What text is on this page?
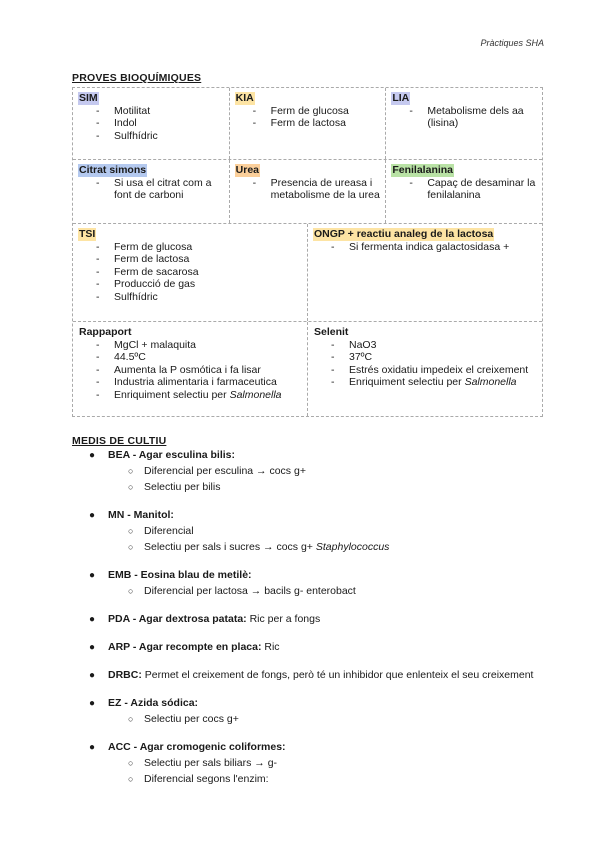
Pràctiques SHA
PROVES BIOQUÍMIQUES
SIM
- Motilitat
- Indol
- Sulfhídric
KIA
- Ferm de glucosa
- Ferm de lactosa
LIA
- Metabolisme dels aa (lisina)
Citrat simons
- Si usa el citrat com a font de carboni
Urea
- Presencia de ureasa i metabolisme de la urea
Fenilalanina
- Capaç de desaminar la fenilalanina
TSI
- Ferm de glucosa
- Ferm de lactosa
- Ferm de sacarosa
- Producció de gas
- Sulfhídric
ONGP + reactiu analeg de la lactosa
- Si fermenta indica galactosidasa +
Rappaport
- MgCl + malaquita
- 44.5ºC
- Aumenta la P osmótica i fa lisar
- Industria alimentaria i farmaceutica
- Enriquiment selectiu per Salmonella
Selenit
- NaO3
- 37ºC
- Estrés oxidatiu impedeix el creixement
- Enriquiment selectiu per Salmonella
MEDIS DE CULTIU
● BEA - Agar esculina bilis:
○ Diferencial per esculina → cocs g+
○ Selectiu per bilis
● MN - Manitol:
○ Diferencial
○ Selectiu per sals i sucres → cocs g+ Staphylococcus
● EMB - Eosina blau de metilè:
○ Diferencial per lactosa → bacils g- enterobact
● PDA - Agar dextrosa patata: Ric per a fongs
● ARP - Agar recompte en placa: Ric
● DRBC: Permet el creixement de fongs, però té un inhibidor que enlenteix el seu creixement
● EZ - Azida sódica:
○ Selectiu per cocs g+
● ACC - Agar cromogenic coliformes:
○ Selectiu per sals biliars → g-
○ Diferencial segons l'enzim:
